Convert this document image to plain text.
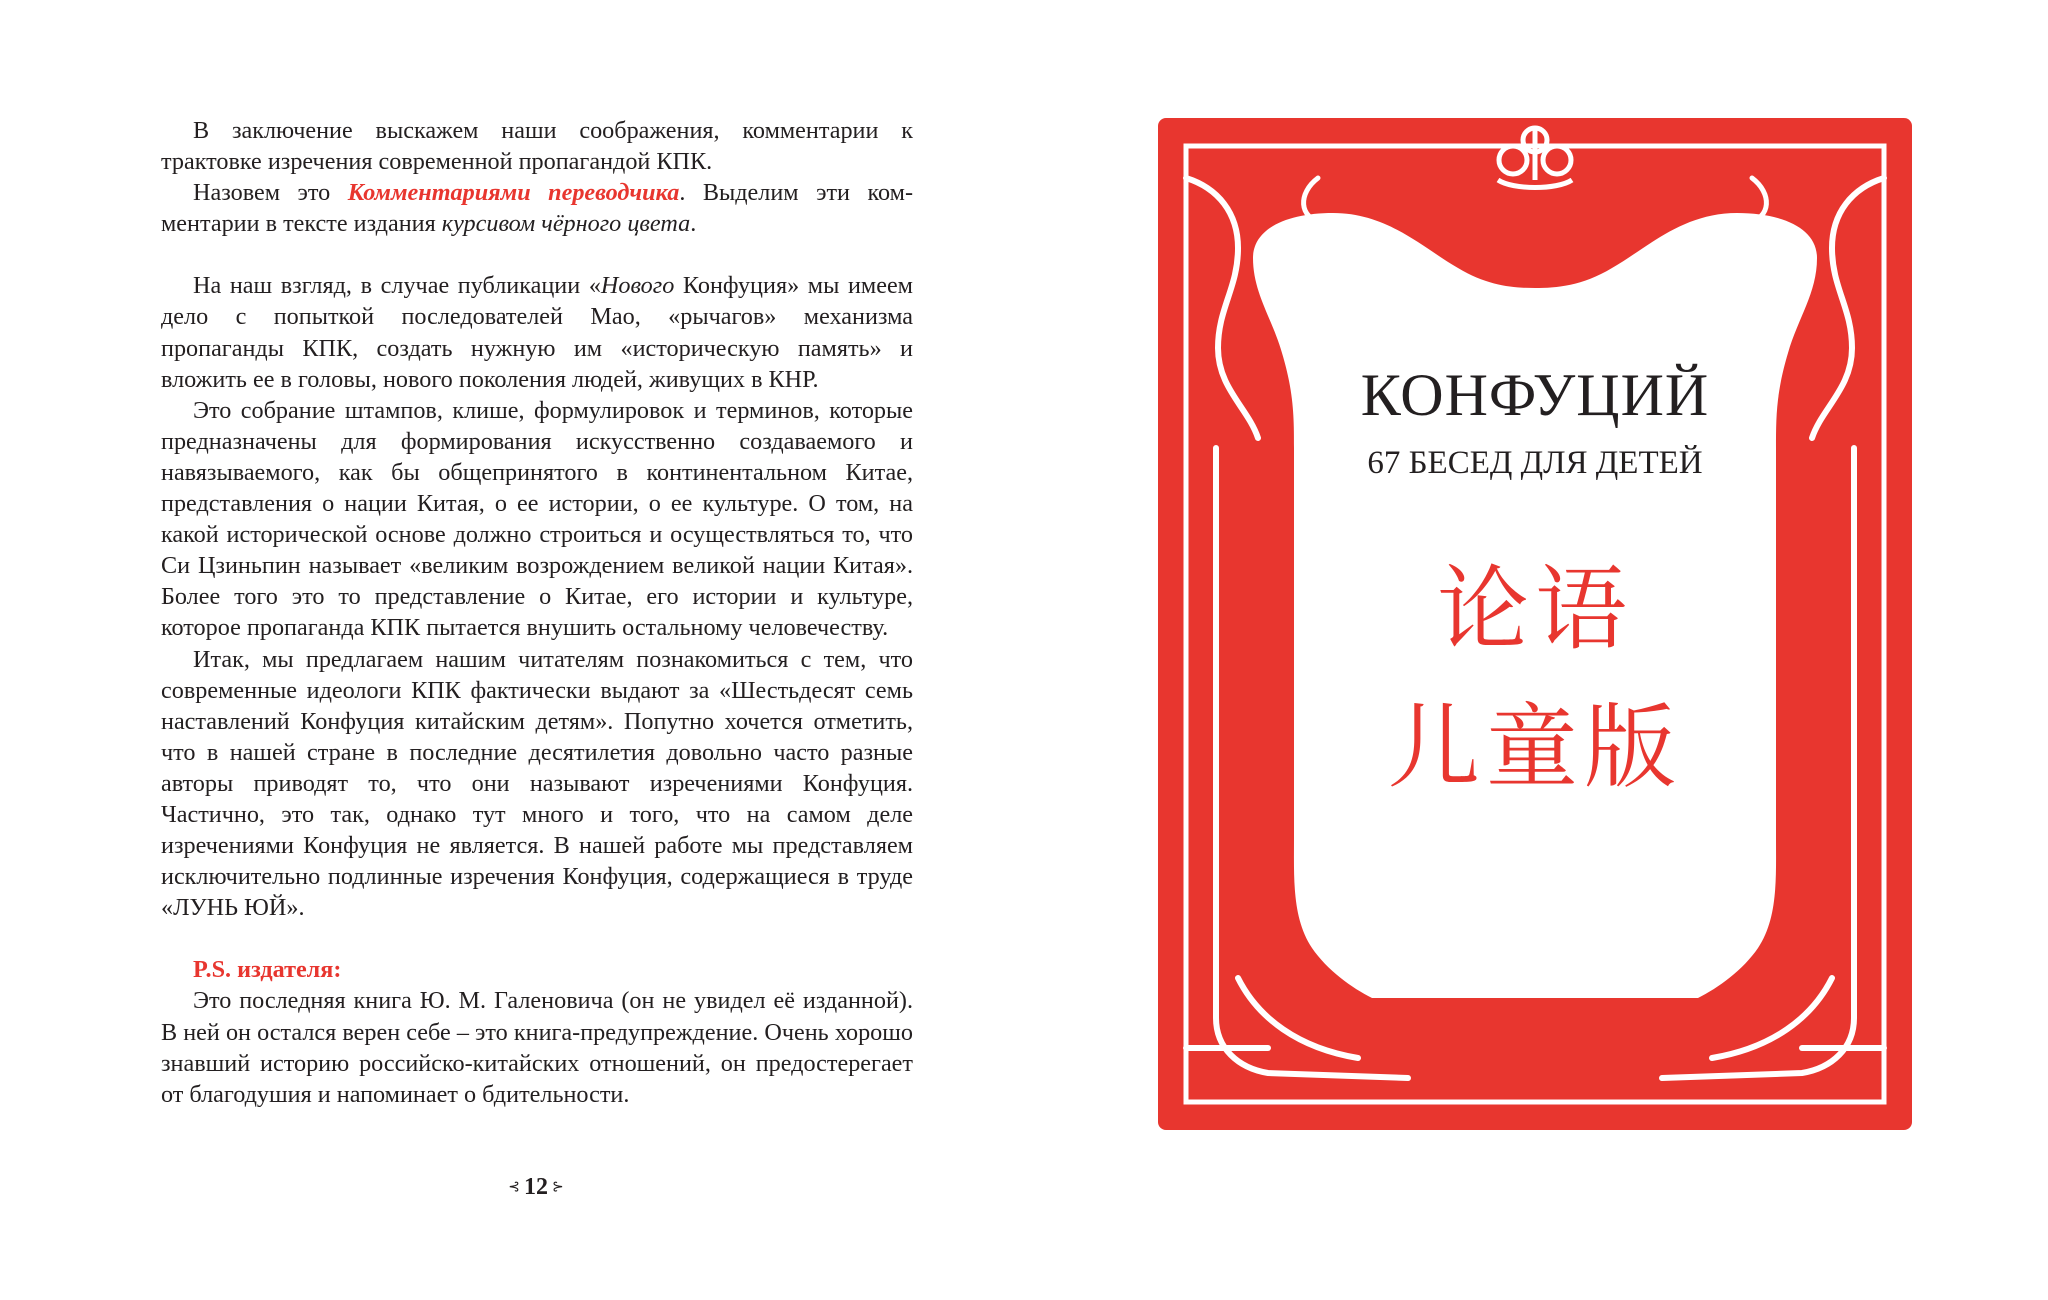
В заключение выскажем наши соображения, комментарии к трактовке изречения современной пропагандой КПК.

Назовем это Комментариями переводчика. Выделим эти комментарии в тексте издания курсивом чёрного цвета.

На наш взгляд, в случае публикации «Нового Конфуция» мы имеем дело с попыткой последователей Мао, «рычагов» механизма пропаганды КПК, создать нужную им «историческую память» и вложить ее в головы, нового поколения людей, живущих в КНР.

Это собрание штампов, клише, формулировок и терминов, которые предназначены для формирования искусственно создаваемого и навязываемого, как бы общепринятого в континентальном Китае, представления о нации Китая, о ее истории, о ее культуре. О том, на какой исторической основе должно строиться и осуществляться то, что Си Цзиньпин называет «великим возрождением великой нации Китая». Более того это то представление о Китае, его истории и культуре, которое пропаганда КПК пытается внушить остальному человечеству.

Итак, мы предлагаем нашим читателям познакомиться с тем, что современные идеологи КПК фактически выдают за «Шестьдесят семь наставлений Конфуция китайским детям». Попутно хочется отметить, что в нашей стране в последние десятилетия довольно часто разные авторы приводят то, что они называют изречениями Конфуция. Частично, это так, однако тут много и того, что на самом деле изречениями Конфуция не является. В нашей работе мы представляем исключительно подлинные изречения Конфуция, содержащиеся в труде «ЛУНЬ ЮЙ».

P.S. издателя:

Это последняя книга Ю. М. Галеновича (он не увидел её изданной). В ней он остался верен себе – это книга-предупреждение. Очень хорошо знавший историю российско-китайских отношений, он предостерегает от благодушия и напоминает о бдительности.

⊰ 12 ⊱
КОНФУЦИЙ
67 БЕСЕД ДЛЯ ДЕТЕЙ
论语
儿童版
